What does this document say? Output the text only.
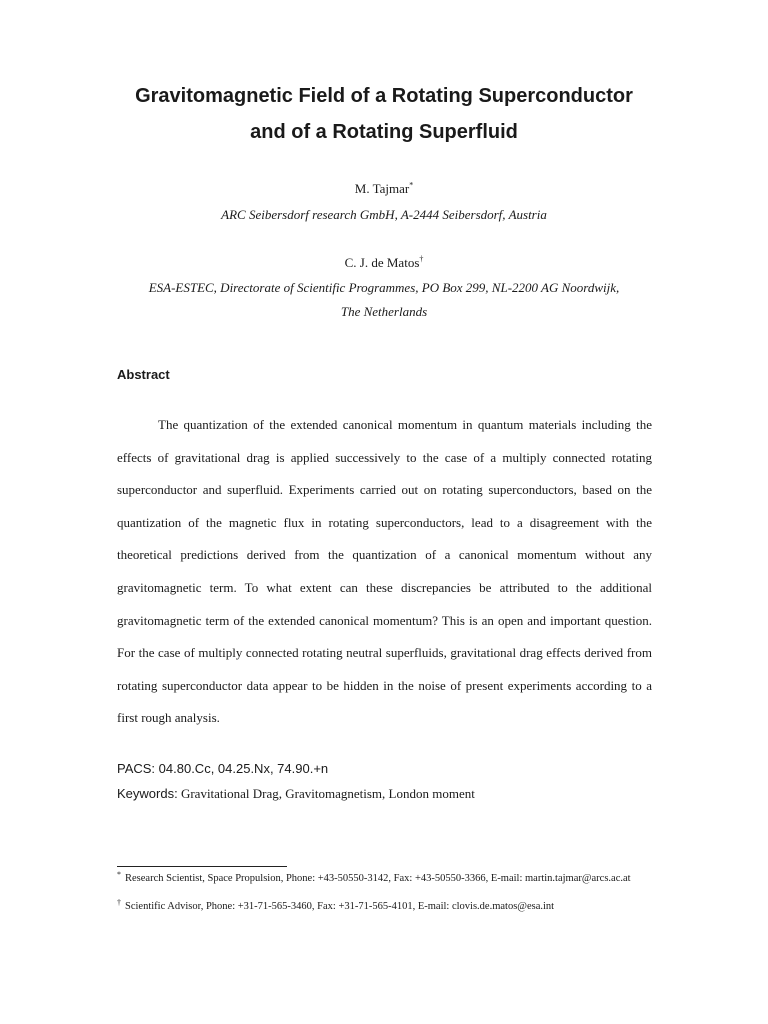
Gravitomagnetic Field of a Rotating Superconductor
and of a Rotating Superfluid
M. Tajmar*
ARC Seibersdorf research GmbH, A-2444 Seibersdorf, Austria
C. J. de Matos†
ESA-ESTEC, Directorate of Scientific Programmes, PO Box 299, NL-2200 AG Noordwijk,
The Netherlands
Abstract

The quantization of the extended canonical momentum in quantum materials including the effects of gravitational drag is applied successively to the case of a multiply connected rotating superconductor and superfluid. Experiments carried out on rotating superconductors, based on the quantization of the magnetic flux in rotating superconductors, lead to a disagreement with the theoretical predictions derived from the quantization of a canonical momentum without any gravitomagnetic term. To what extent can these discrepancies be attributed to the additional gravitomagnetic term of the extended canonical momentum? This is an open and important question. For the case of multiply connected rotating neutral superfluids, gravitational drag effects derived from rotating superconductor data appear to be hidden in the noise of present experiments according to a first rough analysis.

PACS: 04.80.Cc, 04.25.Nx, 74.90.+n
Keywords: Gravitational Drag, Gravitomagnetism, London moment

* Research Scientist, Space Propulsion, Phone: +43-50550-3142, Fax: +43-50550-3366, E-mail: martin.tajmar@arcs.ac.at

† Scientific Advisor, Phone: +31-71-565-3460, Fax: +31-71-565-4101, E-mail: clovis.de.matos@esa.int
